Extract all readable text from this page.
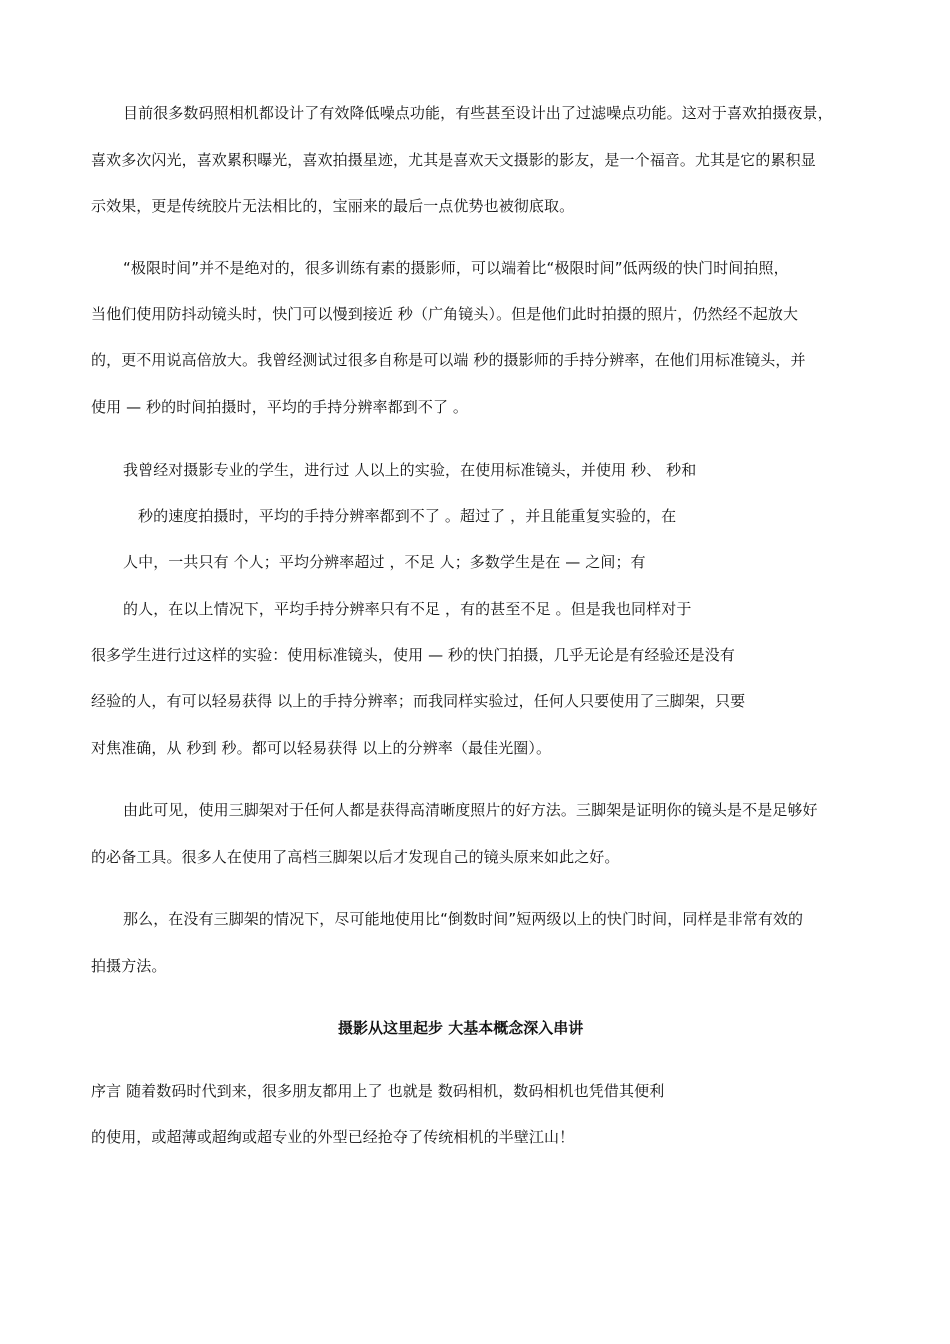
目前很多数码照相机都设计了有效降低噪点功能，有些甚至设计出了过滤噪点功能。这对于喜欢拍摄夜景，
喜欢多次闪光，喜欢累积曝光，喜欢拍摄星迹，尤其是喜欢天文摄影的影友，是一个福音。尤其是它的累积显
示效果，更是传统胶片无法相比的，宝丽来的最后一点优势也被彻底取。
“极限时间”并不是绝对的，很多训练有素的摄影师，可以端着比“极限时间”低两级的快门时间拍照，
当他们使用防抖动镜头时，快门可以慢到接近 秒（广角镜头）。但是他们此时拍摄的照片，仍然经不起放大
的，更不用说高倍放大。我曾经测试过很多自称是可以端 秒的摄影师的手持分辨率，在他们用标准镜头，并
使用 — 秒的时间拍摄时，平均的手持分辨率都到不了 。
我曾经对摄影专业的学生，进行过 人以上的实验，在使用标准镜头，并使用 秒、 秒和
秒的速度拍摄时，平均的手持分辨率都到不了 。超过了 ，并且能重复实验的，在
人中，一共只有 个人；平均分辨率超过 ，不足 人；多数学生是在 — 之间；有
的人，在以上情况下，平均手持分辨率只有不足 ，有的甚至不足 。但是我也同样对于
很多学生进行过这样的实验：使用标准镜头，使用 — 秒的快门拍摄，几乎无论是有经验还是没有
经验的人，有可以轻易获得 以上的手持分辨率；而我同样实验过，任何人只要使用了三脚架，只要
对焦准确，从 秒到 秒。都可以轻易获得 以上的分辨率（最佳光圈）。
由此可见，使用三脚架对于任何人都是获得高清晰度照片的好方法。三脚架是证明你的镜头是不是足够好
的必备工具。很多人在使用了高档三脚架以后才发现自己的镜头原来如此之好。
那么，在没有三脚架的情况下，尽可能地使用比“倒数时间”短两级以上的快门时间，同样是非常有效的
拍摄方法。
摄影从这里起步 大基本概念深入串讲
序言 随着数码时代到来，很多朋友都用上了 也就是 数码相机，数码相机也凭借其便利
的使用，或超薄或超绚或超专业的外型已经抢夺了传统相机的半壁江山！
